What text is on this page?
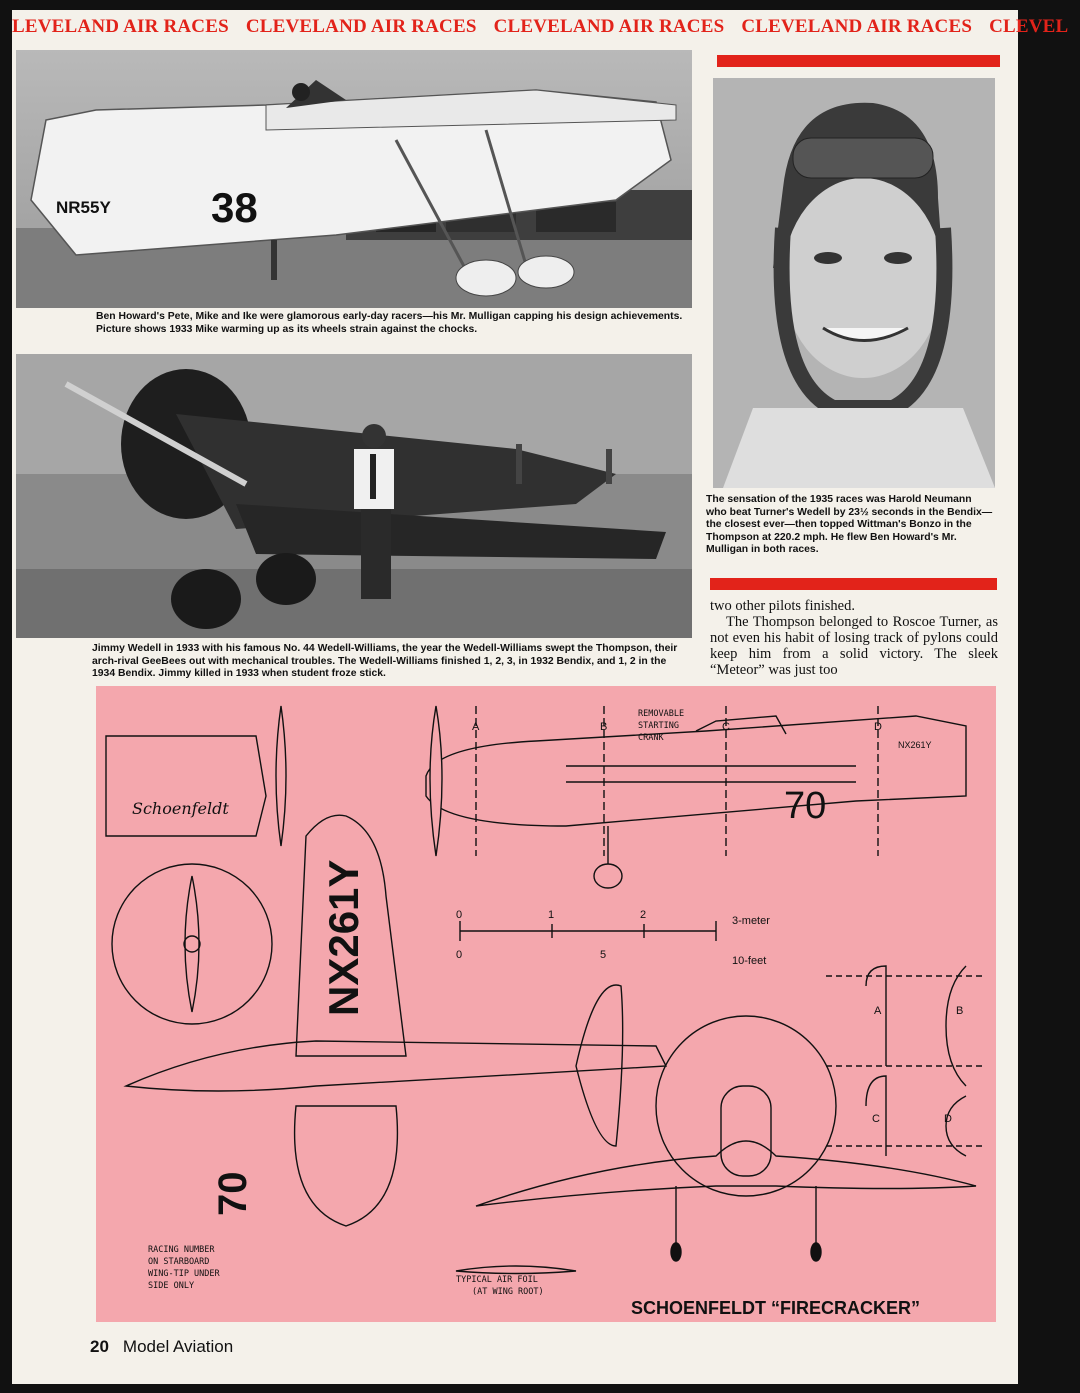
LEVELAND AIR RACES CLEVELAND AIR RACES CLEVELAND AIR RACES CLEVELAND AIR RACES CLEVEL
NR55Y 38
Ben Howard's Pete, Mike and Ike were glamorous early-day racers—his Mr. Mulligan capping his design achievements. Picture shows 1933 Mike warming up as its wheels strain against the chocks.
Jimmy Wedell in 1933 with his famous No. 44 Wedell-Williams, the year the Wedell-Williams swept the Thompson, their arch-rival GeeBees out with mechanical troubles. The Wedell-Williams finished 1, 2, 3, in 1932 Bendix, and 1, 2 in the 1934 Bendix. Jimmy killed in 1933 when student froze stick.
The sensation of the 1935 races was Harold Neumann who beat Turner's Wedell by 23½ seconds in the Bendix—the closest ever—then topped Wittman's Bonzo in the Thompson at 220.2 mph. He flew Ben Howard's Mr. Mulligan in both races.

two other pilots finished.

The Thompson belonged to Roscoe Turner, as not even his habit of losing track of pylons could keep him from a solid victory. The sleek “Meteor” was just too

Schoenfeldt
NX261Y
70
A	B	C	D
REMOVABLE
STARTING
CRANK
NX261Y
70
0	1	2	3-meter
0	5	10-feet
A	B
C	D
RACING NUMBER
ON STARBOARD
WING-TIP UNDER
SIDE ONLY
TYPICAL AIR FOIL
(AT WING ROOT)
SCHOENFELDT “FIRECRACKER”
20 Model Aviation
